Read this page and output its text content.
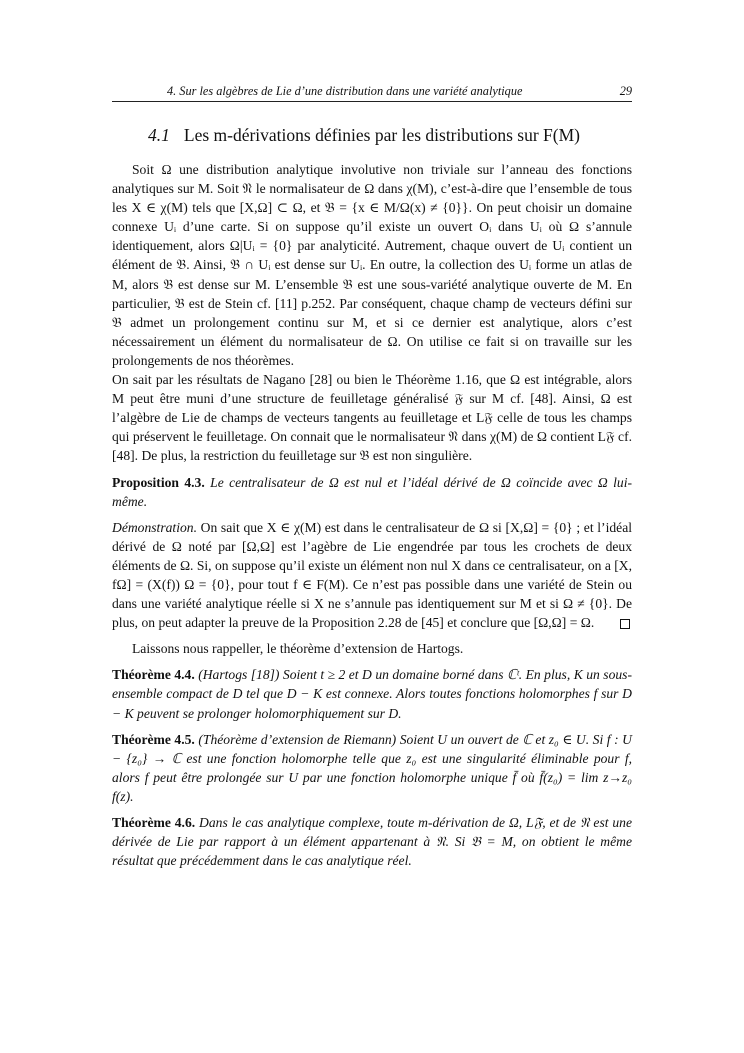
4. Sur les algèbres de Lie d’une distribution dans une variété analytique	29
4.1 Les m-dérivations définies par les distributions sur F(M)

Soit Ω une distribution analytique involutive non triviale sur l’anneau des fonctions analytiques sur M. Soit 𝔑 le normalisateur de Ω dans χ(M), c’est-à-dire que l’ensemble de tous les X ∈ χ(M) tels que [X,Ω] ⊂ Ω, et 𝔅 = {x ∈ M/Ω(x) ≠ {0}}. On peut choisir un domaine connexe Uᵢ d’une carte. Si on suppose qu’il existe un ouvert Oᵢ dans Uᵢ où Ω s’annule identiquement, alors Ω|Uᵢ = {0} par analyticité. Autrement, chaque ouvert de Uᵢ contient un élément de 𝔅. Ainsi, 𝔅 ∩ Uᵢ est dense sur Uᵢ. En outre, la collection des Uᵢ forme un atlas de M, alors 𝔅 est dense sur M. L’ensemble 𝔅 est une sous-variété analytique ouverte de M. En particulier, 𝔅 est de Stein cf. [11] p.252. Par conséquent, chaque champ de vecteurs défini sur 𝔅 admet un prolongement continu sur M, et si ce dernier est analytique, alors c’est nécessairement un élément du normalisateur de Ω. On utilise ce fait si on travaille sur les prolongements de nos théorèmes.

On sait par les résultats de Nagano [28] ou bien le Théorème 1.16, que Ω est intégrable, alors M peut être muni d’une structure de feuilletage généralisé 𝔉 sur M cf. [48]. Ainsi, Ω est l’algèbre de Lie de champs de vecteurs tangents au feuilletage et L𝔉 celle de tous les champs qui préservent le feuilletage. On connait que le normalisateur 𝔑 dans χ(M) de Ω contient L𝔉 cf. [48]. De plus, la restriction du feuilletage sur 𝔅 est non singulière.

Proposition 4.3. Le centralisateur de Ω est nul et l’idéal dérivé de Ω coïncide avec Ω lui-même.

Démonstration. On sait que X ∈ χ(M) est dans le centralisateur de Ω si [X,Ω] = {0} ; et l’idéal dérivé de Ω noté par [Ω,Ω] est l’agèbre de Lie engendrée par tous les crochets de deux éléments de Ω. Si, on suppose qu’il existe un élément non nul X dans ce centralisateur, on a [X, fΩ] = (X(f)) Ω = {0}, pour tout f ∈ F(M). Ce n’est pas possible dans une variété de Stein ou dans une variété analytique réelle si X ne s’annule pas identiquement sur M et si Ω ≠ {0}. De plus, on peut adapter la preuve de la Proposition 2.28 de [45] et conclure que [Ω,Ω] = Ω.

Laissons nous rappeller, le théorème d’extension de Hartogs.

Théorème 4.4. (Hartogs [18]) Soient t ≥ 2 et D un domaine borné dans ℂᵗ. En plus, K un sous-ensemble compact de D tel que D − K est connexe. Alors toutes fonctions holomorphes f sur D − K peuvent se prolonger holomorphiquement sur D.

Théorème 4.5. (Théorème d’extension de Riemann) Soient U un ouvert de ℂ et z₀ ∈ U. Si f : U − {z₀} → ℂ est une fonction holomorphe telle que z₀ est une singularité éliminable pour f, alors f peut être prolongée sur U par une fonction holomorphe unique f̄ où f̄(z₀) = lim z→z₀ f(z).

Théorème 4.6. Dans le cas analytique complexe, toute m-dérivation de Ω, L𝔉, et de 𝔑 est une dérivée de Lie par rapport à un élément appartenant à 𝔑. Si 𝔅 = M, on obtient le même résultat que précédemment dans le cas analytique réel.
